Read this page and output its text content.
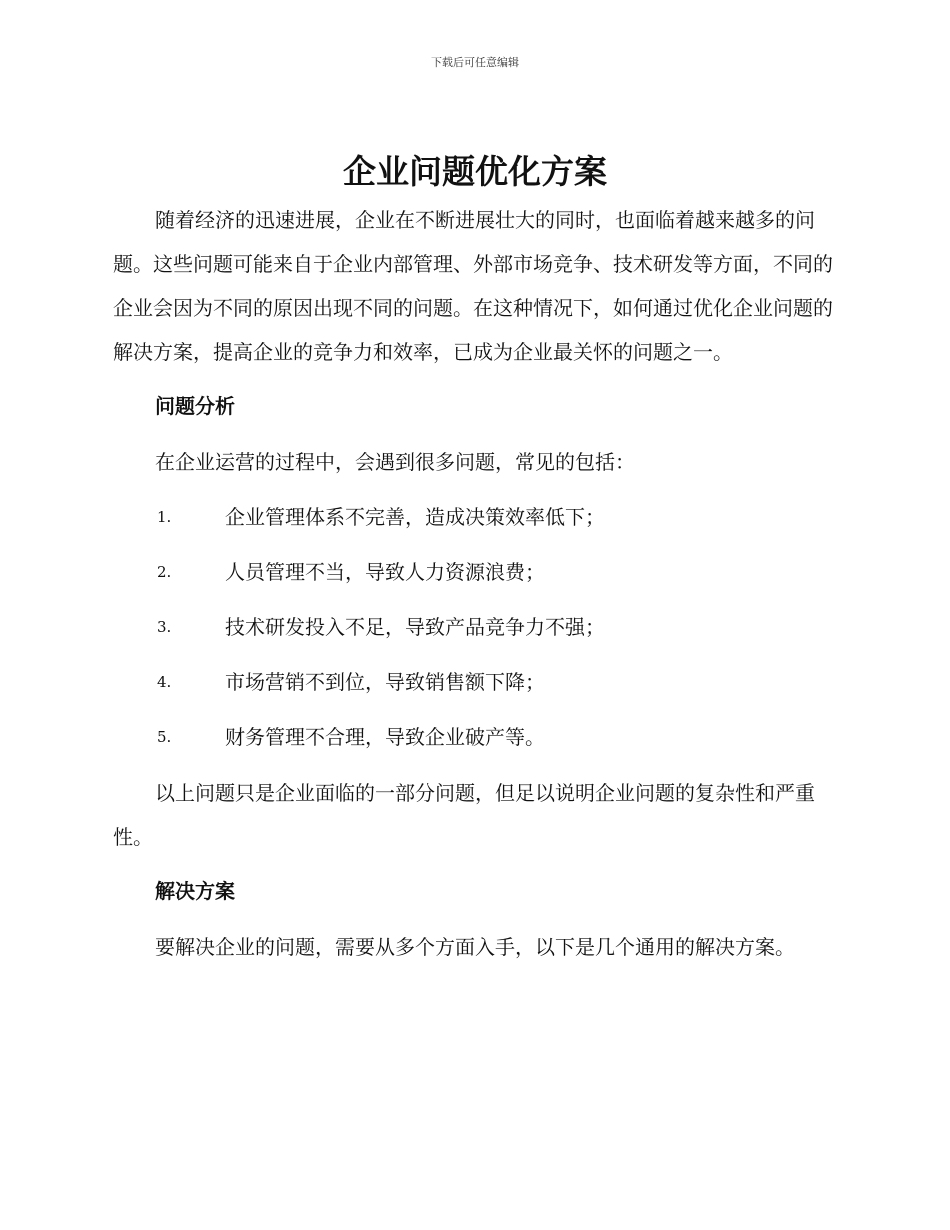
下载后可任意编辑
企业问题优化方案

随着经济的迅速进展，企业在不断进展壮大的同时，也面临着越来越多的问题。这些问题可能来自于企业内部管理、外部市场竞争、技术研发等方面，不同的企业会因为不同的原因出现不同的问题。在这种情况下，如何通过优化企业问题的解决方案，提高企业的竞争力和效率，已成为企业最关怀的问题之一。

问题分析

在企业运营的过程中，会遇到很多问题，常见的包括：

1.	企业管理体系不完善，造成决策效率低下；
2.	人员管理不当，导致人力资源浪费；
3.	技术研发投入不足，导致产品竞争力不强；
4.	市场营销不到位，导致销售额下降；
5.	财务管理不合理，导致企业破产等。

以上问题只是企业面临的一部分问题，但足以说明企业问题的复杂性和严重性。

解决方案

要解决企业的问题，需要从多个方面入手，以下是几个通用的解决方案。
